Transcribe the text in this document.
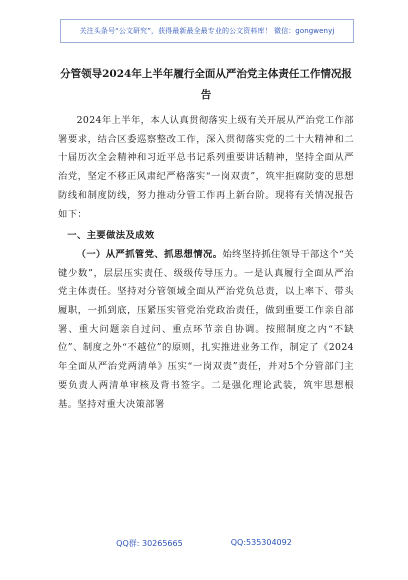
关注头条号“公文研究”，获得最新最全最专业的公文资料库！ 微信：gongwenyj
分管领导2024年上半年履行全面从严治党主体责任工作情况报告

2024年上半年，本人认真贯彻落实上级有关开展从严治党工作部署要求，结合区委巡察整改工作，深入贯彻落实党的二十大精神和二十届历次全会精神和习近平总书记系列重要讲话精神，坚持全面从严治党，坚定不移正风肃纪严格落实“一岗双责”，筑牢拒腐防变的思想防线和制度防线，努力推动分管工作再上新台阶。现将有关情况报告如下：

一、主要做法及成效

（一）从严抓管党、抓思想情况。始终坚持抓住领导干部这个“关键少数”，层层压实责任、级级传导压力。一是认真履行全面从严治党主体责任。坚持对分管领域全面从严治党负总责，以上率下、带头履职，一抓到底，压紧压实管党治党政治责任，做到重要工作亲自部署、重大问题亲自过问、重点环节亲自协调。按照制度之内“不缺位”、制度之外“不越位”的原则，扎实推进业务工作，制定了《2024年全面从严治党两清单》压实“一岗双责”责任，并对5个分管部门主要负责人两清单审核及背书签字。二是强化理论武装，筑牢思想根基。坚持对重大决策部署

QQ群: 30265665	QQ:535304092
